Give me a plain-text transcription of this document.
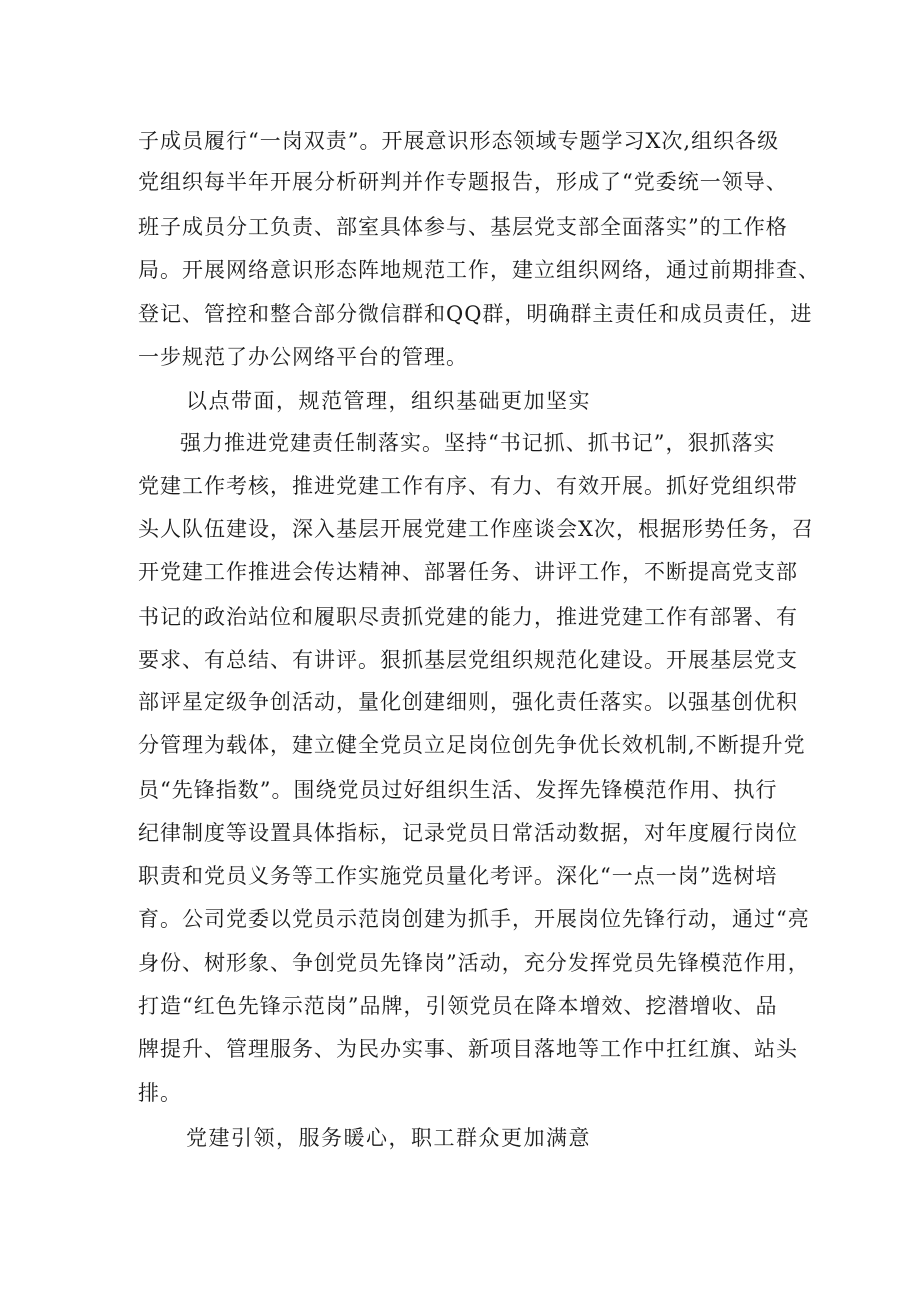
子成员履行“一岗双责”。开展意识形态领域专题学习X次,组织各级
党组织每半年开展分析研判并作专题报告，形成了“党委统一领导、
班子成员分工负责、部室具体参与、基层党支部全面落实”的工作格
局。开展网络意识形态阵地规范工作，建立组织网络，通过前期排查、
登记、管控和整合部分微信群和QQ群，明确群主责任和成员责任，进
一步规范了办公网络平台的管理。
以点带面，规范管理，组织基础更加坚实
强力推进党建责任制落实。坚持“书记抓、抓书记”，狠抓落实
党建工作考核，推进党建工作有序、有力、有效开展。抓好党组织带
头人队伍建设，深入基层开展党建工作座谈会X次，根据形势任务，召
开党建工作推进会传达精神、部署任务、讲评工作，不断提高党支部
书记的政治站位和履职尽责抓党建的能力，推进党建工作有部署、有
要求、有总结、有讲评。狠抓基层党组织规范化建设。开展基层党支
部评星定级争创活动，量化创建细则，强化责任落实。以强基创优积
分管理为载体，建立健全党员立足岗位创先争优长效机制,不断提升党
员“先锋指数”。围绕党员过好组织生活、发挥先锋模范作用、执行
纪律制度等设置具体指标，记录党员日常活动数据，对年度履行岗位
职责和党员义务等工作实施党员量化考评。深化“一点一岗”选树培
育。公司党委以党员示范岗创建为抓手，开展岗位先锋行动，通过“亮
身份、树形象、争创党员先锋岗”活动，充分发挥党员先锋模范作用，
打造“红色先锋示范岗”品牌，引领党员在降本增效、挖潜增收、品
牌提升、管理服务、为民办实事、新项目落地等工作中扛红旗、站头
排。
党建引领，服务暖心，职工群众更加满意
